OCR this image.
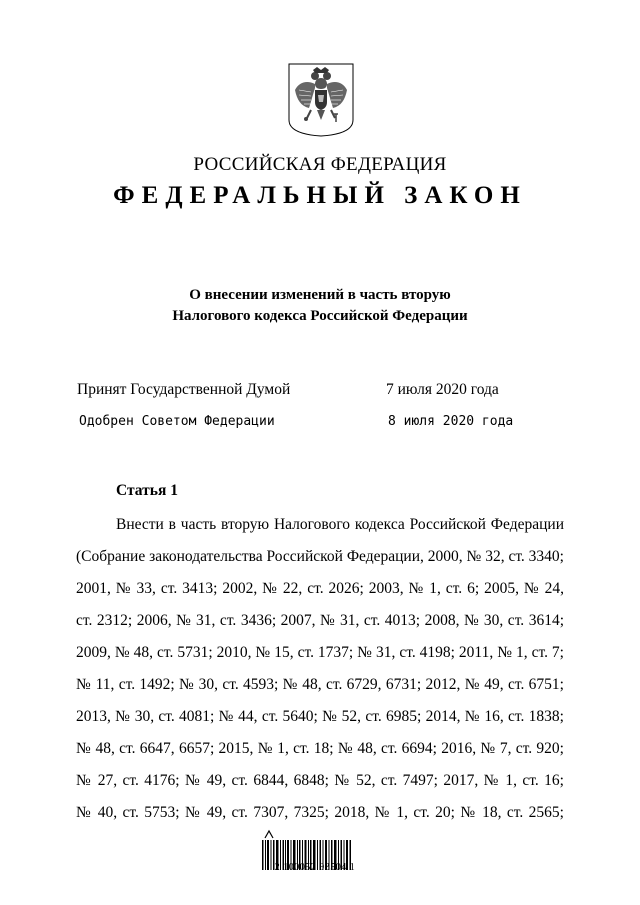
РОССИЙСКАЯ ФЕДЕРАЦИЯ
ФЕДЕРАЛЬНЫЙ ЗАКОН
О внесении изменений в часть вторую
Налогового кодекса Российской Федерации
Принят Государственной Думой	7 июля 2020 года
Одобрен Советом Федерации	8 июля 2020 года
Статья 1
Внести в часть вторую Налогового кодекса Российской Федерации
(Собрание законодательства Российской Федерации, 2000, № 32, ст. 3340;
2001, № 33, ст. 3413; 2002, № 22, ст. 2026; 2003, № 1, ст. 6; 2005, № 24,
ст. 2312; 2006, № 31, ст. 3436; 2007, № 31, ст. 4013; 2008, № 30, ст. 3614;
2009, № 48, ст. 5731; 2010, № 15, ст. 1737; № 31, ст. 4198; 2011, № 1, ст. 7;
№ 11, ст. 1492; № 30, ст. 4593; № 48, ст. 6729, 6731; 2012, № 49, ст. 6751;
2013, № 30, ст. 4081; № 44, ст. 5640; № 52, ст. 6985; 2014, № 16, ст. 1838;
№ 48, ст. 6647, 6657; 2015, № 1, ст. 18; № 48, ст. 6694; 2016, № 7, ст. 920;
№ 27, ст. 4176; № 49, ст. 6844, 6848; № 52, ст. 7497; 2017, № 1, ст. 16;
№ 40, ст. 5753; № 49, ст. 7307, 7325; 2018, № 1, ст. 20; № 18, ст. 2565;
2 100052 93504 1
